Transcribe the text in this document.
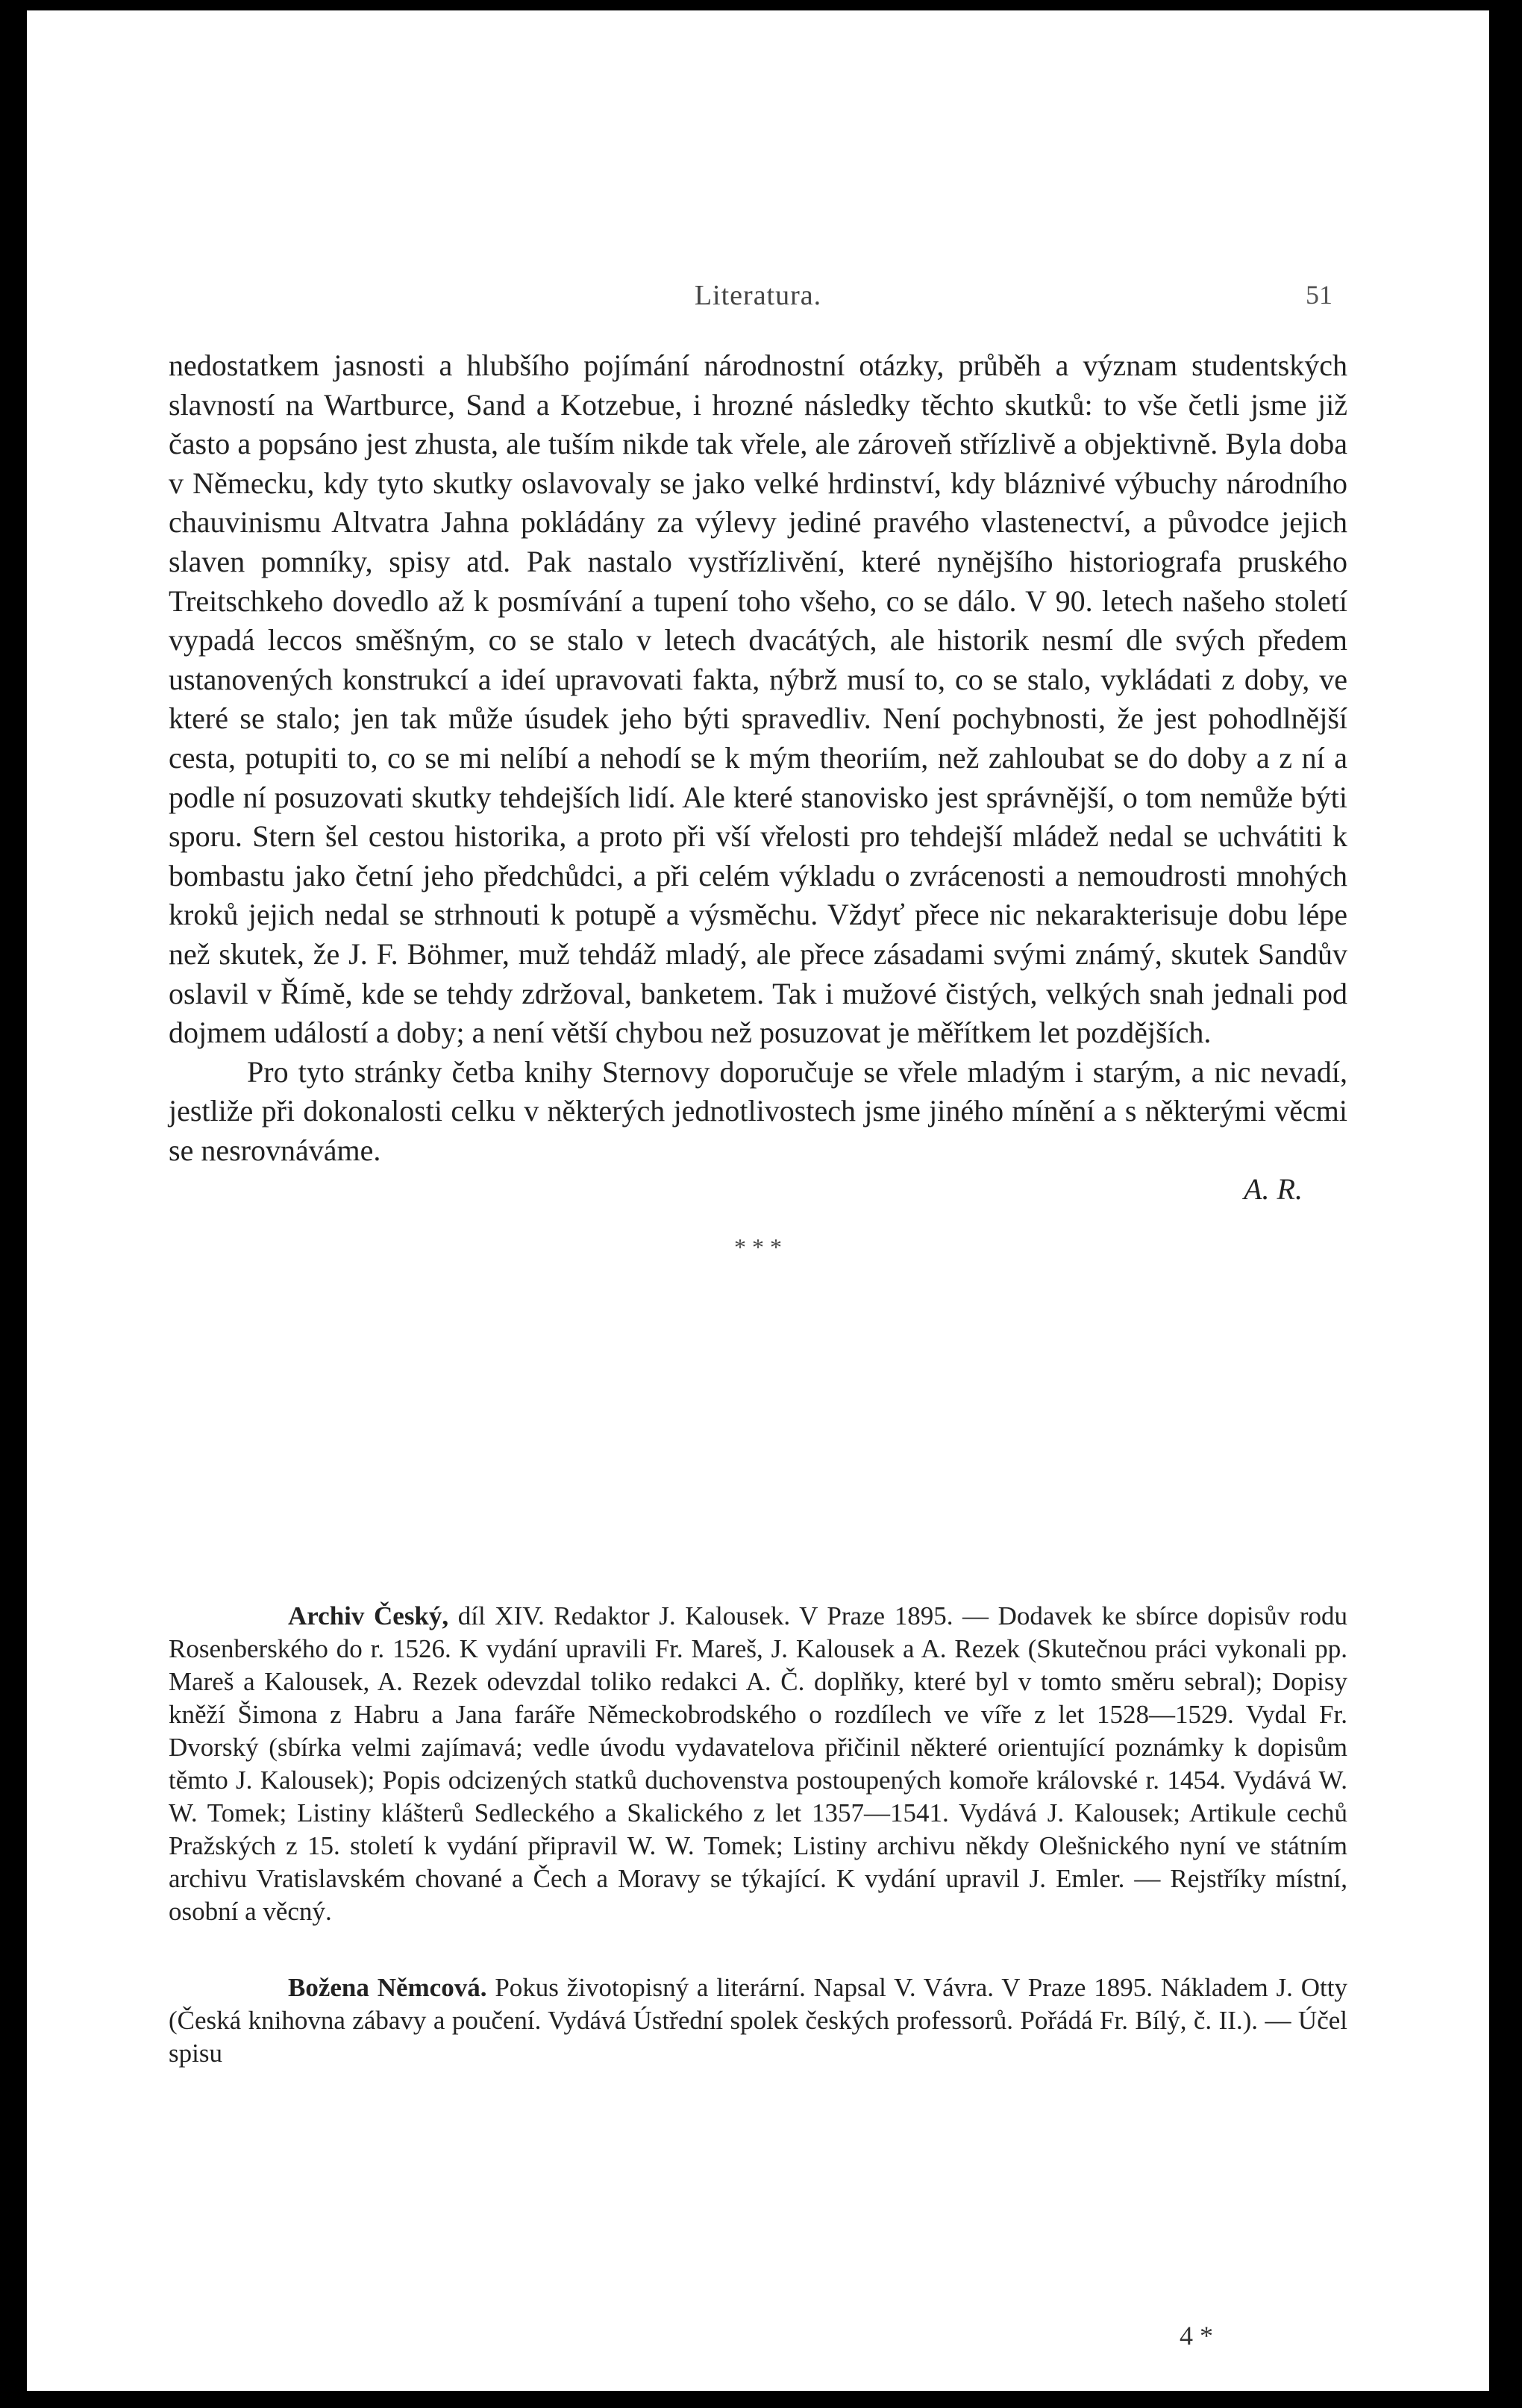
Literatura.	51

nedostatkem jasnosti a hlubšího pojímání národnostní otázky, průběh a význam studentských slavností na Wartburce, Sand a Kotzebue, i hrozné následky těchto skutků: to vše četli jsme již často a popsáno jest zhusta, ale tuším nikde tak vřele, ale zároveň střízlivě a objektivně. Byla doba v Německu, kdy tyto skutky oslavovaly se jako velké hrdinství, kdy bláznivé výbuchy národního chauvinismu Altvatra Jahna pokládány za výlevy jediné pravého vlastenectví, a původce jejich slaven pomníky, spisy atd. Pak nastalo vystřízlivění, které nynějšího historiografa pruského Treitschkeho dovedlo až k posmívání a tupení toho všeho, co se dálo. V 90. letech našeho století vypadá leccos směšným, co se stalo v letech dvacátých, ale historik nesmí dle svých předem ustanovených konstrukcí a ideí upravovati fakta, nýbrž musí to, co se stalo, vykládati z doby, ve které se stalo; jen tak může úsudek jeho býti spravedliv. Není pochybnosti, že jest pohodlnější cesta, potupiti to, co se mi nelíbí a nehodí se k mým theoriím, než zahloubat se do doby a z ní a podle ní posuzovati skutky tehdejších lidí. Ale které stanovisko jest správnější, o tom nemůže býti sporu. Stern šel cestou historika, a proto při vší vřelosti pro tehdejší mládež nedal se uchvátiti k bombastu jako četní jeho předchůdci, a při celém výkladu o zvrácenosti a nemoudrosti mnohých kroků jejich nedal se strhnouti k potupě a výsměchu. Vždyť přece nic nekarakterisuje dobu lépe než skutek, že J. F. Böhmer, muž tehdáž mladý, ale přece zásadami svými známý, skutek Sandův oslavil v Římě, kde se tehdy zdržoval, banketem. Tak i mužové čistých, velkých snah jednali pod dojmem událostí a doby; a není větší chybou než posuzovat je měřítkem let pozdějších.

Pro tyto stránky četba knihy Sternovy doporučuje se vřele mladým i starým, a nic nevadí, jestliže při dokonalosti celku v některých jednotlivostech jsme jiného mínění a s některými věcmi se nesrovnáváme.

A. R.

* * *

Archiv Český, díl XIV. Redaktor J. Kalousek. V Praze 1895. — Dodavek ke sbírce dopisův rodu Rosenberského do r. 1526. K vydání upravili Fr. Mareš, J. Kalousek a A. Rezek (Skutečnou práci vykonali pp. Mareš a Kalousek, A. Rezek odevzdal toliko redakci A. Č. doplňky, které byl v tomto směru sebral); Dopisy kněží Šimona z Habru a Jana faráře Německobrodského o rozdílech ve víře z let 1528—1529. Vydal Fr. Dvorský (sbírka velmi zajímavá; vedle úvodu vydavatelova přičinil některé orientující poznámky k dopisům těmto J. Kalousek); Popis odcizených statků duchovenstva postoupených komoře královské r. 1454. Vydává W. W. Tomek; Listiny klášterů Sedleckého a Skalického z let 1357—1541. Vydává J. Kalousek; Artikule cechů Pražských z 15. století k vydání připravil W. W. Tomek; Listiny archivu někdy Olešnického nyní ve státním archivu Vratislavském chované a Čech a Moravy se týkající. K vydání upravil J. Emler. — Rejstříky místní, osobní a věcný.

Božena Němcová. Pokus životopisný a literární. Napsal V. Vávra. V Praze 1895. Nákladem J. Otty (Česká knihovna zábavy a poučení. Vydává Ústřední spolek českých professorů. Pořádá Fr. Bílý, č. II.). — Účel spisu

4 *
